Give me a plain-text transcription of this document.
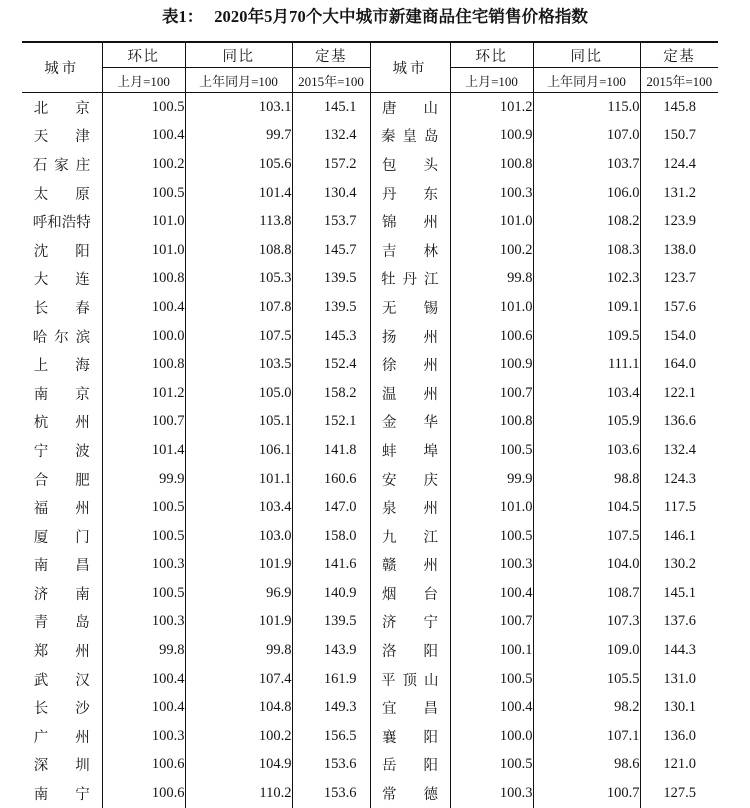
表1： 2020年5月70个大中城市新建商品住宅销售价格指数

城市	环比	同比	定基	城市	环比	同比	定基
	上月=100	上年同月=100	2015年=100		上月=100	上年同月=100	2015年=100

北京	100.5	103.1	145.1	唐山	101.2	115.0	145.8
天津	100.4	99.7	132.4	秦皇岛	100.9	107.0	150.7
石家庄	100.2	105.6	157.2	包头	100.8	103.7	124.4
太原	100.5	101.4	130.4	丹东	100.3	106.0	131.2
呼和浩特	101.0	113.8	153.7	锦州	101.0	108.2	123.9
沈阳	101.0	108.8	145.7	吉林	100.2	108.3	138.0
大连	100.8	105.3	139.5	牡丹江	99.8	102.3	123.7
长春	100.4	107.8	139.5	无锡	101.0	109.1	157.6
哈尔滨	100.0	107.5	145.3	扬州	100.6	109.5	154.0
上海	100.8	103.5	152.4	徐州	100.9	111.1	164.0
南京	101.2	105.0	158.2	温州	100.7	103.4	122.1
杭州	100.7	105.1	152.1	金华	100.8	105.9	136.6
宁波	101.4	106.1	141.8	蚌埠	100.5	103.6	132.4
合肥	99.9	101.1	160.6	安庆	99.9	98.8	124.3
福州	100.5	103.4	147.0	泉州	101.0	104.5	117.5
厦门	100.5	103.0	158.0	九江	100.5	107.5	146.1
南昌	100.3	101.9	141.6	赣州	100.3	104.0	130.2
济南	100.5	96.9	140.9	烟台	100.4	108.7	145.1
青岛	100.3	101.9	139.5	济宁	100.7	107.3	137.6
郑州	99.8	99.8	143.9	洛阳	100.1	109.0	144.3
武汉	100.4	107.4	161.9	平顶山	100.5	105.5	131.0
长沙	100.4	104.8	149.3	宜昌	100.4	98.2	130.1
广州	100.3	100.2	156.5	襄阳	100.0	107.1	136.0
深圳	100.6	104.9	153.6	岳阳	100.5	98.6	121.0
南宁	100.6	110.2	153.6	常德	100.3	100.7	127.5
